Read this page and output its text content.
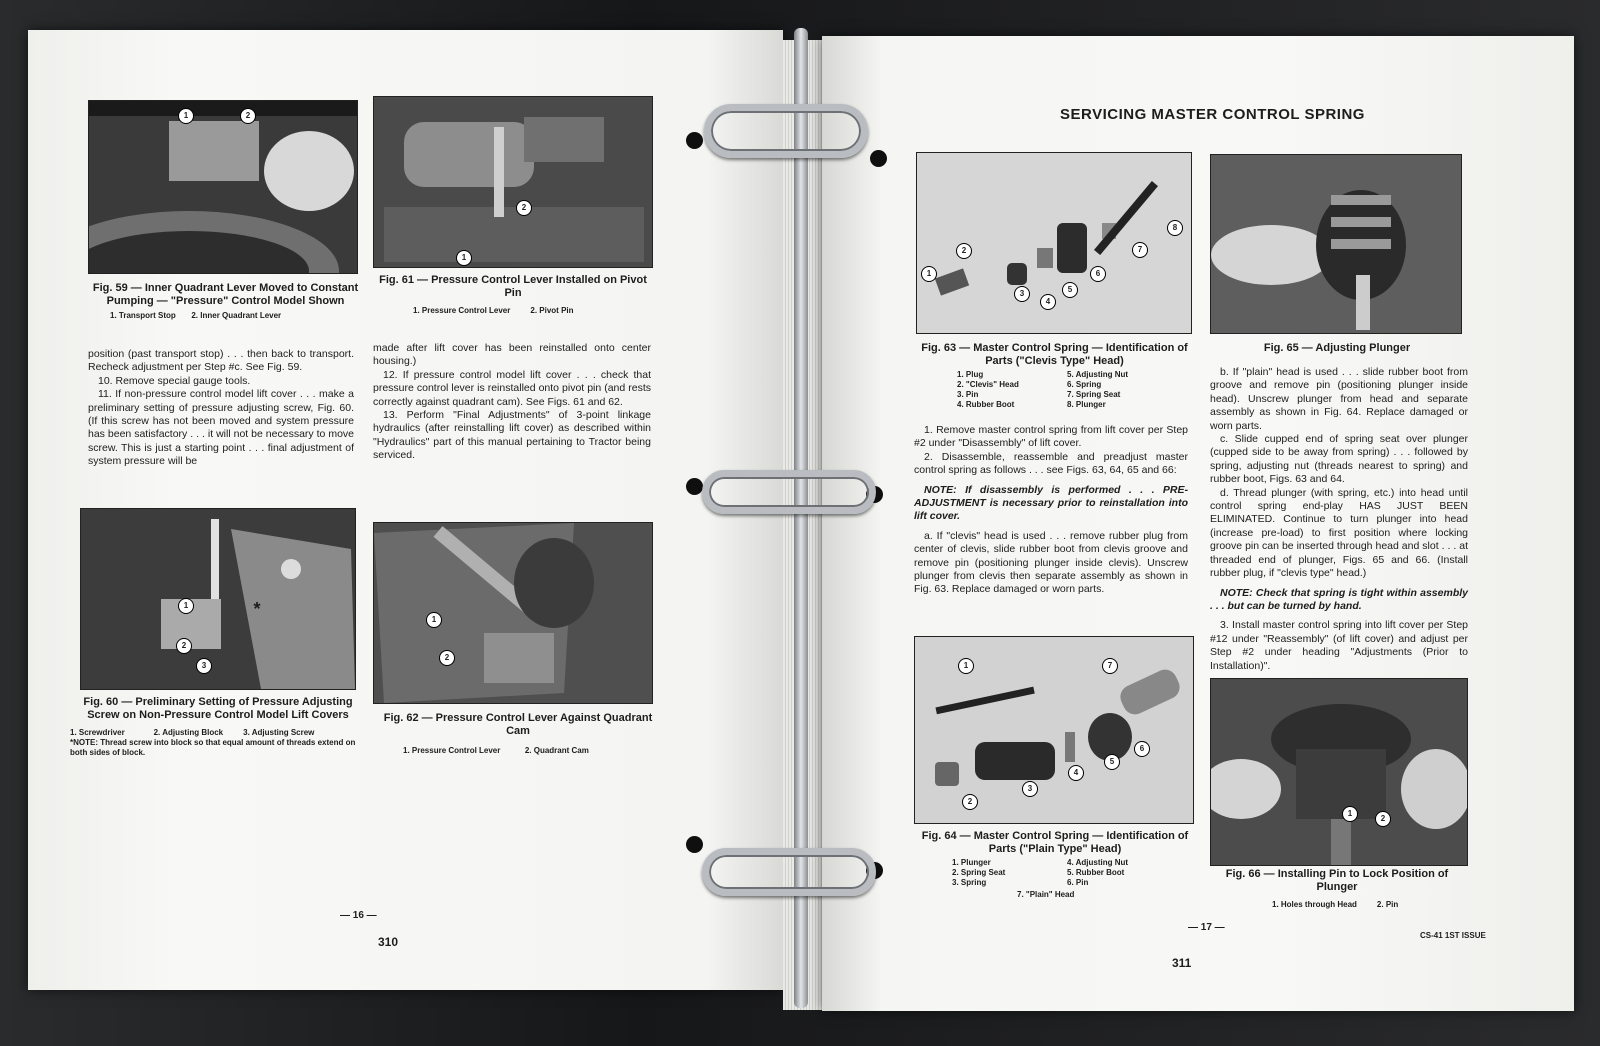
1	2
Fig. 59 — Inner Quadrant Lever Moved to Constant Pumping — "Pressure" Control Model Shown
1. Transport Stop 2. Inner Quadrant Lever
2
1
Fig. 61 — Pressure Control Lever Installed on Pivot Pin
1. Pressure Control Lever	2. Pivot Pin

position (past transport stop) . . . then back to transport. Recheck adjustment per Step #c. See Fig. 59.

10. Remove special gauge tools.

11. If non-pressure control model lift cover . . . make a preliminary setting of pressure adjusting screw, Fig. 60. (If this screw has not been moved and system pressure has been satisfactory . . . it will not be necessary to move screw. This is just a starting point . . . final adjustment of system pressure will be

made after lift cover has been reinstalled onto center housing.)

12. If pressure control model lift cover . . . check that pressure control lever is reinstalled onto pivot pin (and rests correctly against quadrant cam). See Figs. 61 and 62.

13. Perform "Final Adjustments" of 3-point linkage hydraulics (after reinstalling lift cover) as described within "Hydraulics" part of this manual pertaining to Tractor being serviced.

1
2
3
*
Fig. 60 — Preliminary Setting of Pressure Adjusting Screw on Non-Pressure Control Model Lift Covers
1. Screwdriver	2. Adjusting Block	3. Adjusting Screw
*NOTE: Thread screw into block so that equal amount of threads extend on both sides of block.
1
2
Fig. 62 — Pressure Control Lever Against Quadrant Cam
1. Pressure Control Lever	2. Quadrant Cam
— 16 —
310
SERVICING MASTER CONTROL SPRING
1
2
3
4
5
6
7
8
Fig. 63 — Master Control Spring — Identification of Parts ("Clevis Type" Head)
1. Plug
2. "Clevis" Head
3. Pin
4. Rubber Boot
5. Adjusting Nut
6. Spring
7. Spring Seat
8. Plunger
Fig. 65 — Adjusting Plunger

1. Remove master control spring from lift cover per Step #2 under "Disassembly" of lift cover.

2. Disassemble, reassemble and preadjust master control spring as follows . . . see Figs. 63, 64, 65 and 66:

NOTE: If disassembly is performed . . . PRE-ADJUSTMENT is necessary prior to reinstallation into lift cover.

a. If "clevis" head is used . . . remove rubber plug from center of clevis, slide rubber boot from clevis groove and remove pin (positioning plunger inside clevis). Unscrew plunger from clevis then separate assembly as shown in Fig. 63. Replace damaged or worn parts.

b. If "plain" head is used . . . slide rubber boot from groove and remove pin (positioning plunger inside head). Unscrew plunger from head and separate assembly as shown in Fig. 64. Replace damaged or worn parts.

c. Slide cupped end of spring seat over plunger (cupped side to be away from spring) . . . followed by spring, adjusting nut (threads nearest to spring) and rubber boot, Figs. 63 and 64.

d. Thread plunger (with spring, etc.) into head until control spring end-play HAS JUST BEEN ELIMINATED. Continue to turn plunger into head (increase pre-load) to first position where locking groove pin can be inserted through head and slot . . . at threaded end of plunger, Figs. 65 and 66. (Install rubber plug, if "clevis type" head.)

NOTE: Check that spring is tight within assembly . . . but can be turned by hand.

3. Install master control spring into lift cover per Step #12 under "Reassembly" (of lift cover) and adjust per Step #2 under heading "Adjustments (Prior to Installation)".

1
2
3
4
5
6
7
Fig. 64 — Master Control Spring — Identification of Parts ("Plain Type" Head)
1. Plunger
2. Spring Seat
3. Spring
4. Adjusting Nut
5. Rubber Boot
6. Pin
7. "Plain" Head
1
2
Fig. 66 — Installing Pin to Lock Position of Plunger
1. Holes through Head	2. Pin
— 17 —
CS-41 1ST ISSUE
311
